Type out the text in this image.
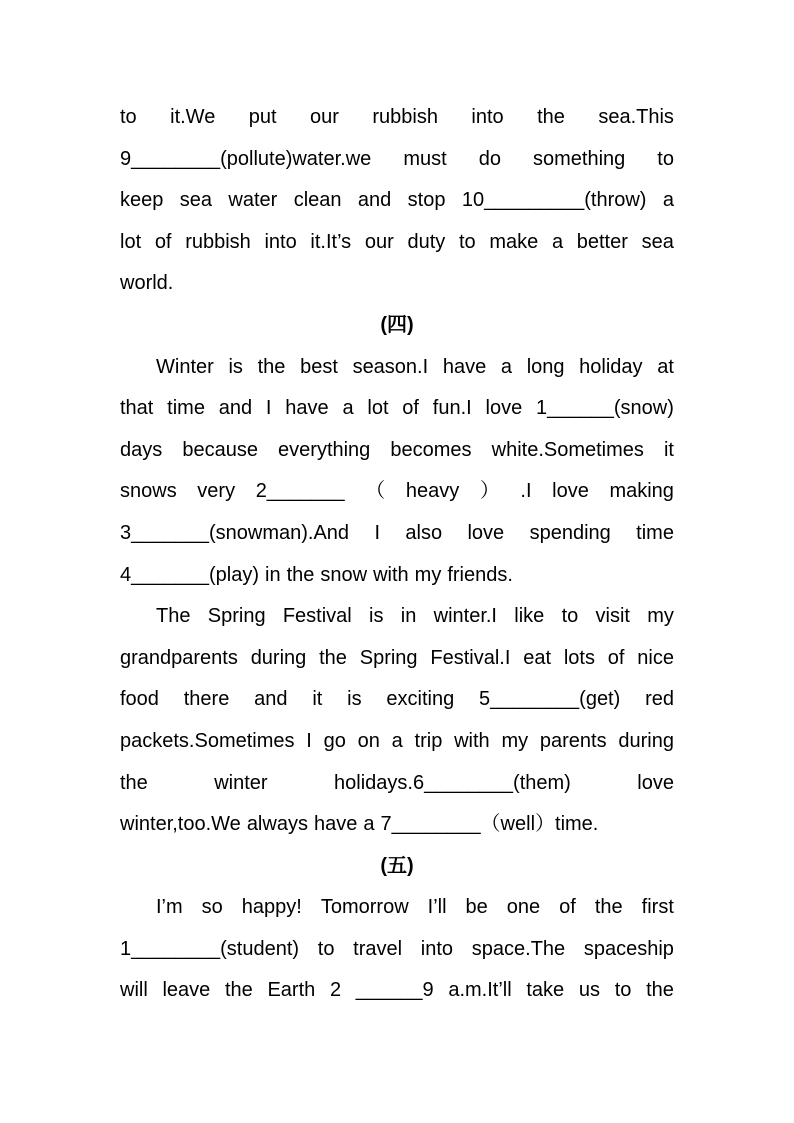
to it.We put our rubbish into the sea.This
9________(pollute)water.we must do something to
keep sea water clean and stop 10_________(throw) a
lot of rubbish into it.It’s our duty to make a better sea
world.
(四)
Winter is the best season.I have a long holiday at
that time and I have a lot of fun.I love 1______(snow)
days because everything becomes white.Sometimes it
snows very 2_______ （ heavy ） .I love making
3_______(snowman).And I also love spending time
4_______(play) in the snow with my friends.
The Spring Festival is in winter.I like to visit my
grandparents during the Spring Festival.I eat lots of nice
food there and it is exciting 5________(get) red
packets.Sometimes I go on a trip with my parents during
the	winter	holidays.6________(them)	love
winter,too.We always have a 7________（well）time.
(五)
I’m so happy! Tomorrow I’ll be one of the first
1________(student) to travel into space.The spaceship
will leave the Earth 2 ______9 a.m.It’ll take us to the
